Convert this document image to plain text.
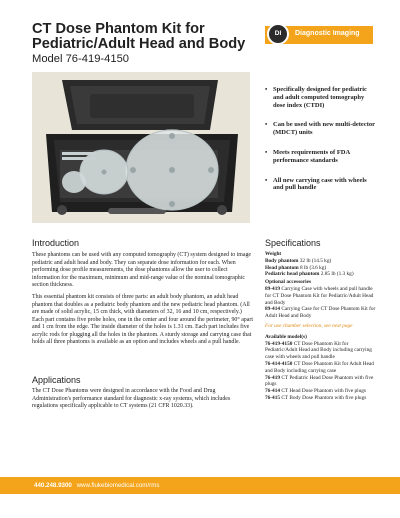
CT Dose Phantom Kit for
Pediatric/Adult Head and Body
Model 76-419-4150
DI	Diagnostic Imaging
• Specifically designed for pediatric and adult computed tomography dose index (CTDI)
• Can be used with new multi-detector (MDCT) units
• Meets requirements of FDA performance standards
• All new carrying case with wheels and pull handle
Introduction

These phantoms can be used with any computed tomography (CT) system designed to image pediatric and adult head and body. They can separate dose information for each. When performing dose profile measurements, the dose phantoms allow the user to collect information for the maximum, minimum and mid-range value of the nominal tomographic section thickness.

This essential phantom kit consists of three parts: an adult body phantom, an adult head phantom that doubles as a pediatric body phantom and the new pediatric head phantom. (All are made of solid acrylic, 15 cm thick, with diameters of 32, 16 and 10 cm, respectively.) Each part contains five probe holes, one in the center and four around the perimeter, 90° apart and 1 cm from the edge. The inside diameter of the holes is 1.31 cm. Each part includes five acrylic rods for plugging all the holes in the phantom. A sturdy storage and carrying case that holds all three phantoms is available as an option and includes wheels and a pull handle.

Applications

The CT Dose Phantoms were designed in accordance with the Food and Drug Administration's performance standard for diagnostic x-ray systems, which includes regulations specifically applicable to CT systems (21 CFR 1020.33).

Specifications
Weight
Body phantom 32 lb (14.5 kg)
Head phantom 8 lb (3.6 kg)
Pediatric head phantom 2.85 lb (1.3 kg)
Optional accessories
89-419 Carrying Case with wheels and pull handle for CT Dose Phantom Kit for Pediatric/Adult Head and Body
89-414 Carrying Case for CT Dose Phantom Kit for Adult Head and Body
For use chamber selection, see next page
Available model(s)
76-419-4150 CT Dose Phantom Kit for Pediatric/Adult Head and Body including carrying case with wheels and pull handle
76-414-4150 CT Dose Phantom Kit for Adult Head and Body including carrying case
76-419 CT Pediatric Head Dose Phantom with five plugs
76-414 CT Head Dose Phantom with five plugs
76-415 CT Body Dose Phantom with five plugs
440.248.9300 www.flukebiomedical.com/rms
